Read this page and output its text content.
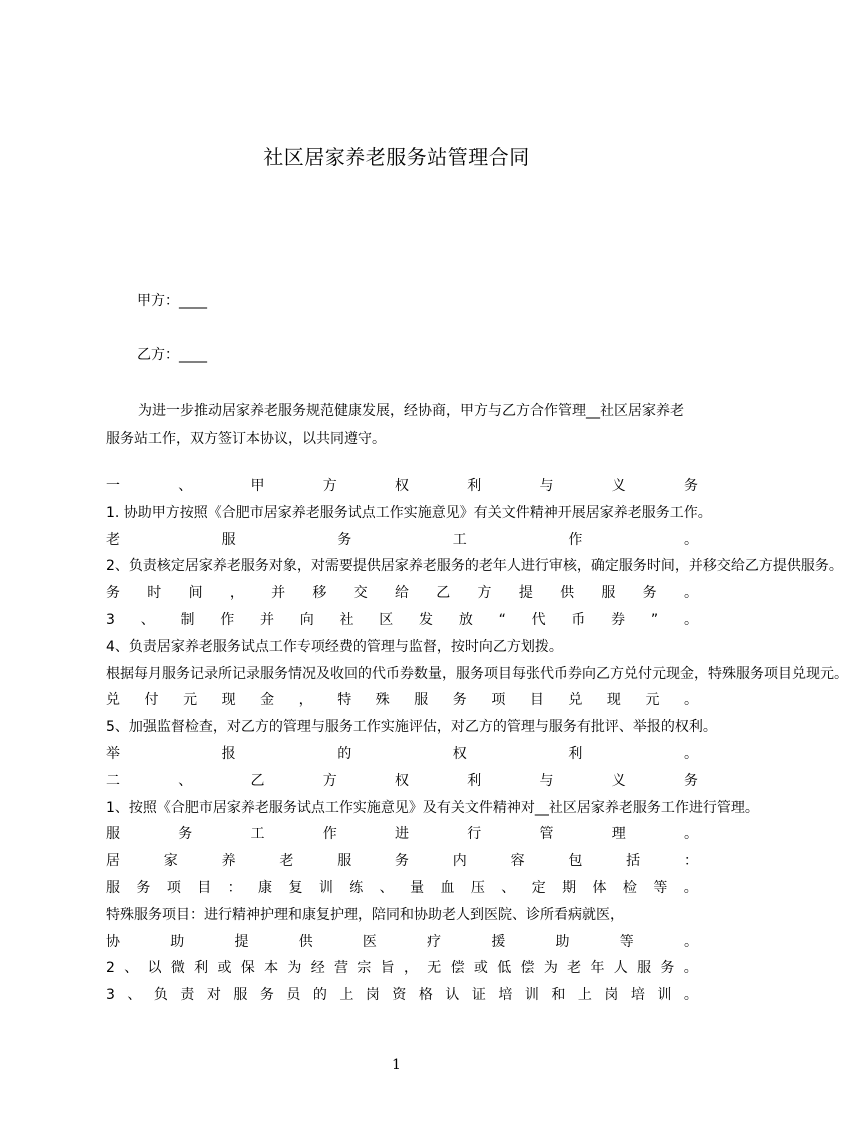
社区居家养老服务站管理合同
甲方：____
乙方：____

为进一步推动居家养老服务规范健康发展，经协商，甲方与乙方合作管理__社区居家养老服务站工作，双方签订本协议，以共同遵守。

一	、	甲	方	权	利	与	义	务
1. 协助甲方按照《合肥市居家养老服务试点工作实施意见》有关文件精神开展居家养老服务工作。
老	服	务	工	作	。
2、负责核定居家养老服务对象，对需要提供居家养老服务的老年人进行审核，确定服务时间，并移交给乙方提供服务。
务 时 间 ， 并 移 交 给 乙 方 提 供 服 务 。
3 、 制 作 并 向 社 区 发 放 “ 代 币 券 ” 。
4、负责居家养老服务试点工作专项经费的管理与监督，按时向乙方划拨。
根据每月服务记录所记录服务情况及收回的代币券数量，服务项目每张代币券向乙方兑付元现金，特殊服务项目兑现元。
兑 付 元 现 金 ， 特 殊 服 务 项 目 兑 现 元 。
5、加强监督检查，对乙方的管理与服务工作实施评估，对乙方的管理与服务有批评、举报的权利。
举	报	的	权	利	。
二	、	乙	方	权	利	与	义	务
1、按照《合肥市居家养老服务试点工作实施意见》及有关文件精神对__社区居家养老服务工作进行管理。
服	务	工	作	进	行	管	理	。
居	家	养	老	服	务	内	容	包	括	：
服 务 项 目 ： 康 复 训 练 、 量 血 压 、 定 期 体 检 等 。
特殊服务项目：进行精神护理和康复护理，陪同和协助老人到医院、诊所看病就医，
协	助	提	供	医	疗	援	助	等	。
2 、 以 微 利 或 保 本 为 经 营 宗 旨 ， 无 偿 或 低 偿 为 老 年 人 服 务 。
3 、 负 责 对 服 务 员 的 上 岗 资 格 认 证 培 训 和 上 岗 培 训 。
1
